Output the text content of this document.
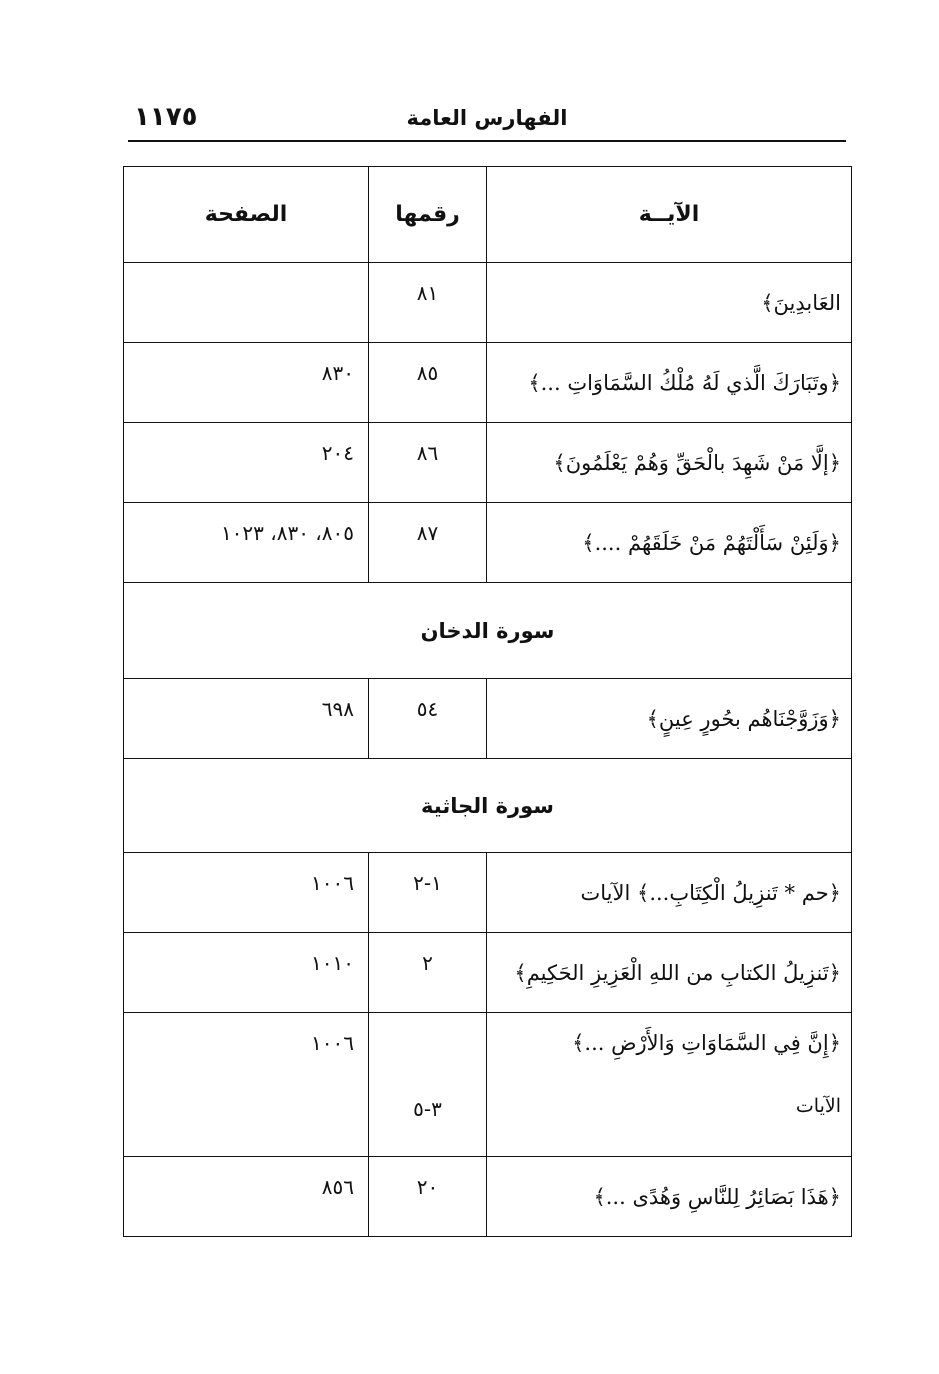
١١٧٥	الفهارس العامة
الآيــة	رقمها	الصفحة
العَابدِينَ﴾	٨١	
﴿وتَبَارَكَ الَّذي لَهُ مُلْكُ السَّمَاوَاتِ ...﴾	٨٥	٨٣٠
﴿إلَّا مَنْ شَهِدَ بالْحَقِّ وَهُمْ يَعْلَمُونَ﴾	٨٦	٢٠٤
﴿وَلَئِنْ سَأَلْتَهُمْ مَنْ خَلَقَهُمْ ....﴾	٨٧	٨٠٥، ٨٣٠، ١٠٢٣
سورة الدخان		
﴿وَزَوَّجْنَاهُم بحُورٍ عِينٍ﴾	٥٤	٦٩٨
سورة الجاثية		
﴿حم * تَنزِيلُ الْكِتَابِ...﴾ الآيات	١-٢	١٠٠٦
﴿تَنزِيلُ الكتابِ من اللهِ الْعَزِيزِ الحَكِيمِ﴾	٢	١٠١٠
﴿إِنَّ فِي السَّمَاوَاتِ وَالأَرْضِ ...﴾
الآيات	٣-٥	١٠٠٦
﴿هَذَا بَصَائِرُ لِلنَّاسِ وَهُدًى ...﴾	٢٠	٨٥٦
